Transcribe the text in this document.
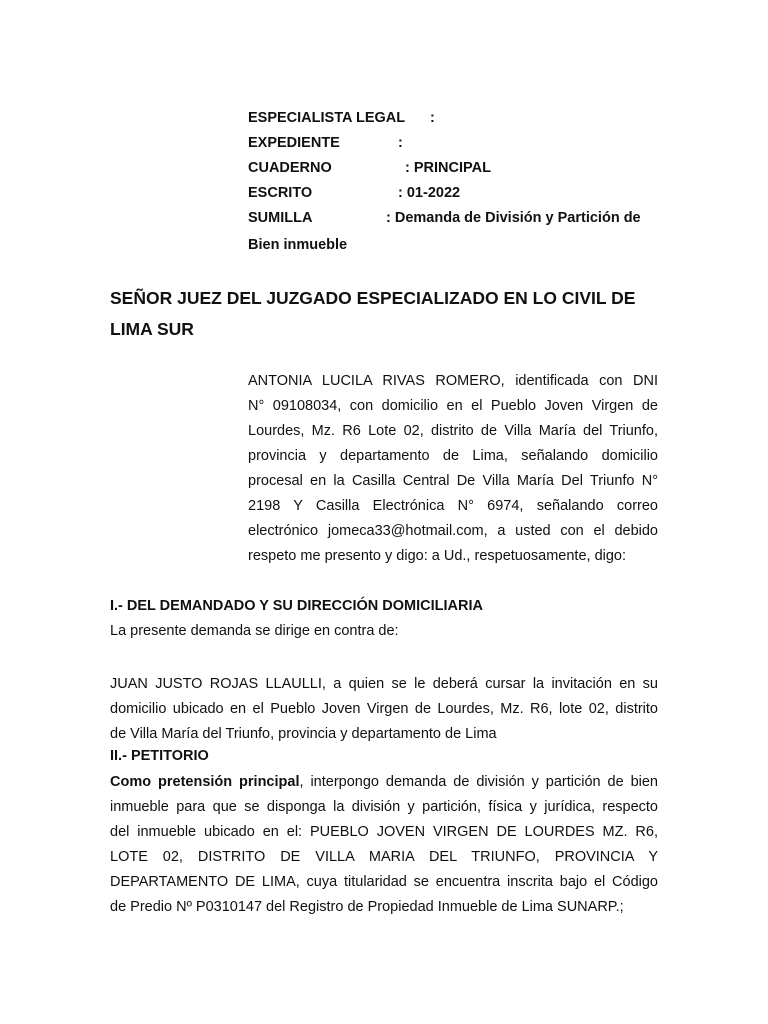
ESPECIALISTA LEGAL :
EXPEDIENTE	:
CUADERNO	: PRINCIPAL
ESCRITO	: 01-2022
SUMILLA	: Demanda de División y Partición de
Bien inmueble
SEÑOR JUEZ DEL JUZGADO ESPECIALIZADO EN LO CIVIL DE
LIMA SUR
ANTONIA LUCILA RIVAS ROMERO, identificada con DNI
N° 09108034, con domicilio en el Pueblo Joven Virgen de
Lourdes, Mz. R6 Lote 02, distrito de Villa María del Triunfo,
provincia y departamento de Lima, señalando domicilio
procesal en la Casilla Central De Villa María Del Triunfo N°
2198 Y Casilla Electrónica N° 6974, señalando correo
electrónico jomeca33@hotmail.com, a usted con el debido
respeto me presento y digo: a Ud., respetuosamente, digo:
I.- DEL DEMANDADO Y SU DIRECCIÓN DOMICILIARIA
La presente demanda se dirige en contra de:
JUAN JUSTO ROJAS LLAULLI, a quien se le deberá cursar la invitación en su
domicilio ubicado en el Pueblo Joven Virgen de Lourdes, Mz. R6, lote 02, distrito
de Villa María del Triunfo, provincia y departamento de Lima
II.- PETITORIO
Como pretensión principal, interpongo demanda de división y partición de bien
inmueble para que se disponga la división y partición, física y jurídica, respecto
del inmueble ubicado en el: PUEBLO JOVEN VIRGEN DE LOURDES MZ. R6,
LOTE 02, DISTRITO DE VILLA MARIA DEL TRIUNFO, PROVINCIA Y
DEPARTAMENTO DE LIMA, cuya titularidad se encuentra inscrita bajo el Código
de Predio Nº P0310147 del Registro de Propiedad Inmueble de Lima SUNARP.;
